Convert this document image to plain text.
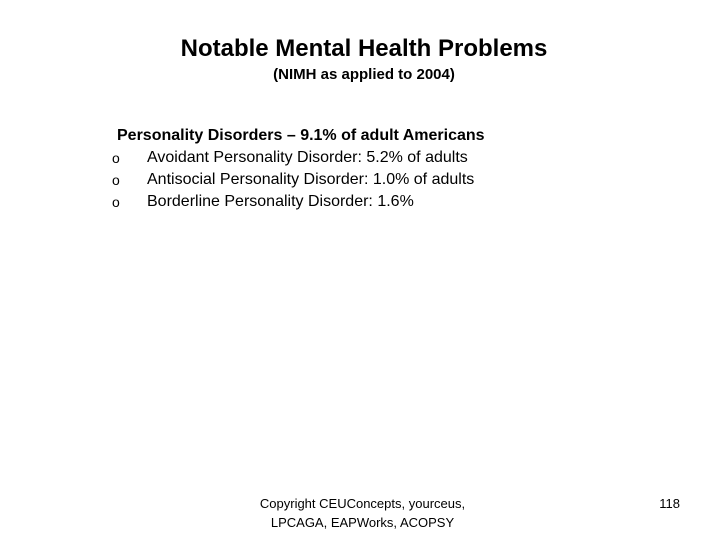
Notable Mental Health Problems
(NIMH as applied to 2004)
Personality Disorders – 9.1% of adult Americans
o Avoidant Personality Disorder: 5.2% of adults
o Antisocial Personality Disorder: 1.0% of adults
o Borderline Personality Disorder: 1.6%
Copyright CEUConcepts, yourceus, LPCAGA, EAPWorks, ACOPSY
118
